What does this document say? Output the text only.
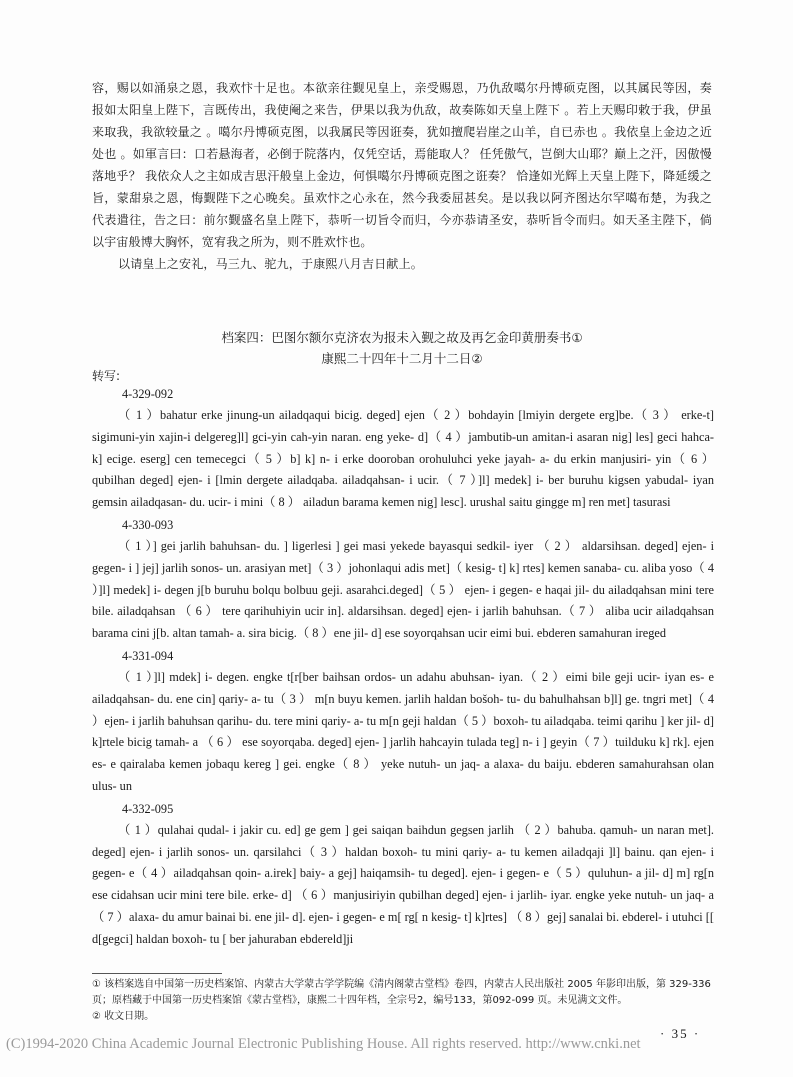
容，赐以如涌泉之恩，我欢忭十足也。本欲亲往觐见皇上，亲受赐恩，乃仇敌噶尔丹博硕克图，以其属民等因，奏报如太阳皇上陛下，言既传出，我使阉之来告，伊果以我为仇敌，故奏陈如天皇上陛下 。若上天赐印敕于我，伊虽来取我，我欲较量之 。噶尔丹博硕克图，以我属民等因诳奏，犹如擅爬岩崖之山羊，自已赤也 。我依皇上金边之近处也 。如軍言曰：口若悬海者，必倒于院落内，仅凭空话，焉能取人？ 任凭傲气，岂倒大山耶？巅上之汗，因傲慢落地乎？ 我依众人之主如成吉思汗般皇上金边，何惧噶尔丹博硕克图之诳奏？ 恰逢如光辉上天皇上陛下，降延缓之旨，蒙甜泉之恩，悔觐陛下之心晚矣。虽欢忭之心永在，然今我委屈甚矣。是以我以阿齐图达尔罕噶布楚，为我之代表遣往，告之曰：前尔觐盛名皇上陛下，恭听一切旨令而归，今亦恭请圣安，恭听旨令而归。如天圣主陛下，倘以宇宙般博大胸怀，宽宥我之所为，则不胜欢忭也。

以请皇上之安礼，马三九、驼九，于康熙八月吉日献上。

档案四：巴图尔额尔克济农为报未入觐之故及再乞金印黄册奏书①
康熙二十四年十二月十二日②
转写:
4-329-092

（ 1 ）bahatur erke jinung-un ailadqaqui bicig. deged] ejen（ 2 ）bohdayin [lmiyin dergete erg]be.（ 3 ） erke-t] sigimuni-yin xajin-i delgereg]l] gci-yin cah-yin naran. eng yeke- d]（ 4 ）jambutib-un amitan-i asaran nig] les] geci hahca- k] ecige. eserg] cen temecegci（ 5 ）b] k] n- i erke dooroban orohuluhci yeke jayah- a- du erkin manjusiri- yin（ 6 ）qubilhan deged] ejen- i [lmin dergete ailadqaba. ailadqahsan- i ucir.（ 7 ）]l] medek] i- ber buruhu kigsen yabudal- iyan gemsin ailadqasan- du. ucir- i mini（ 8 ） ailadun barama kemen nig] lesc]. urushal saitu gingge m] ren met] tasurasi

4-330-093

（ 1 ）] gei jarlih bahuhsan- du. ] ligerlesi ] gei masi yekede bayasqui sedkil- iyer （ 2 ） aldarsihsan. deged] ejen- i gegen- i ] jej] jarlih sonos- un. arasiyan met]（ 3 ）johonlaqui adis met]（ kesig- t] k] rtes] kemen sanaba- cu. aliba yoso（ 4 ）]l] medek] i- degen j[b buruhu bolqu bolbuu geji. asarahci.deged]（ 5 ） ejen- i gegen- e haqai jil- du ailadqahsan mini tere bile. ailadqahsan （ 6 ） tere qarihuhiyin ucir in]. aldarsihsan. deged] ejen- i jarlih bahuhsan.（ 7 ） aliba ucir ailadqahsan barama cini j[b. altan tamah- a. sira bicig.（ 8 ）ene jil- d] ese soyorqahsan ucir eimi bui. ebderen samahuran ireged

4-331-094

（ 1 ）]l] mdek] i- degen. engke t[r[ber baihsan ordos- un adahu abuhsan- iyan.（ 2 ）eimi bile geji ucir- iyan es- e ailadqahsan- du. ene cin] qariy- a- tu（ 3 ） m[n buyu kemen. jarlih haldan bošoh- tu- du bahulhahsan b]l] ge. tngri met]（ 4 ）ejen- i jarlih bahuhsan qarihu- du. tere mini qariy- a- tu m[n geji haldan（ 5 ）boxoh- tu ailadqaba. teimi qarihu ] ker jil- d] k]rtele bicig tamah- a （ 6 ） ese soyorqaba. deged] ejen- ] jarlih hahcayin tulada teg] n- i ] geyin（ 7 ）tuilduku k] rk]. ejen es- e qairalaba kemen jobaqu kereg ] gei. engke（ 8 ） yeke nutuh- un jaq- a alaxa- du baiju. ebderen samahurahsan olan ulus- un

4-332-095

（ 1 ）qulahai qudal- i jakir cu. ed] ge gem ] gei saiqan baihdun gegsen jarlih （ 2 ）bahuba. qamuh- un naran met]. deged] ejen- i jarlih sonos- un. qarsilahci（ 3 ）haldan boxoh- tu mini qariy- a- tu kemen ailadqaji ]l] bainu. qan ejen- i gegen- e（ 4 ）ailadqahsan qoin- a.irek] baiy- a gej] haiqamsih- tu deged]. ejen- i gegen- e（ 5 ）quluhun- a jil- d] m] rg[n ese cidahsan ucir mini tere bile. erke- d] （ 6 ）manjusiriyin qubilhan deged] ejen- i jarlih- iyar. engke yeke nutuh- un jaq- a（ 7 ）alaxa- du amur bainai bi. ene jil- d]. ejen- i gegen- e m[ rg[ n kesig- t] k]rtes] （ 8 ）gej] sanalai bi. ebderel- i utuhci [[ d[gegci] haldan boxoh- tu [ ber jahuraban ebdereld]ji

① 该档案选自中国第一历史档案馆、内蒙古大学蒙古学学院编《清内阁蒙古堂档》卷四，内蒙古人民出版社 2005 年影印出版，第 329-336页；原档藏于中国第一历史档案馆《蒙古堂档》，康熙二十四年档，全宗号2，编号133，第092-099 页。未见满文文件。

② 收文日期。

· 35 ·
(C)1994-2020 China Academic Journal Electronic Publishing House. All rights reserved. http://www.cnki.net
